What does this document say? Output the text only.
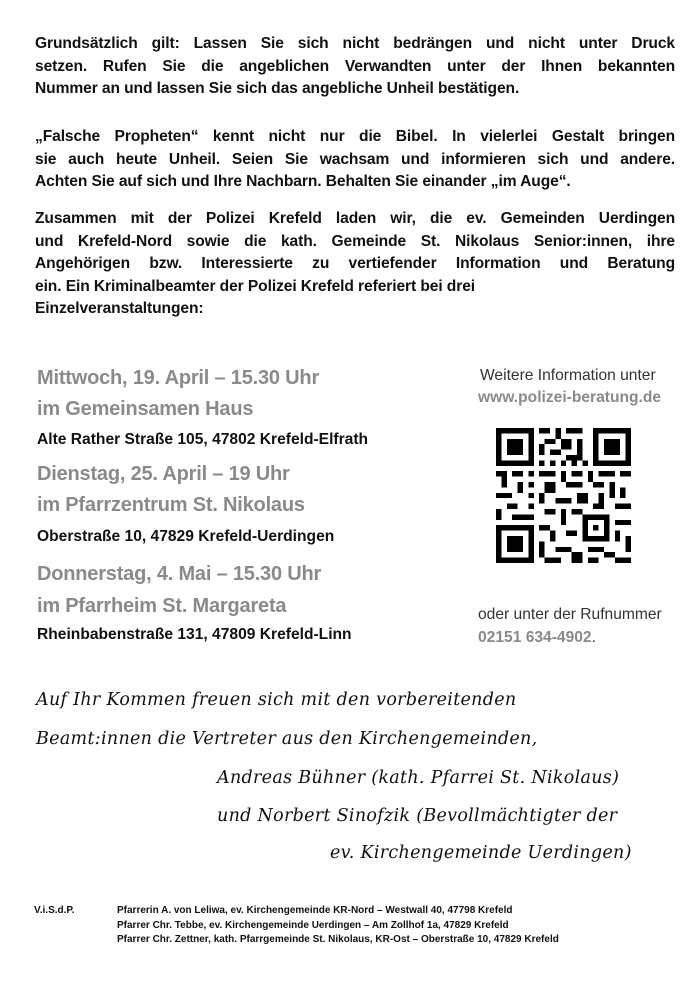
Grundsätzlich gilt: Lassen Sie sich nicht bedrängen und nicht unter Druck
setzen. Rufen Sie die angeblichen Verwandten unter der Ihnen bekannten
Nummer an und lassen Sie sich das angebliche Unheil bestätigen.
„Falsche Propheten“ kennt nicht nur die Bibel. In vielerlei Gestalt bringen
sie auch heute Unheil. Seien Sie wachsam und informieren sich und andere.
Achten Sie auf sich und Ihre Nachbarn. Behalten Sie einander „im Auge“.
Zusammen mit der Polizei Krefeld laden wir, die ev. Gemeinden Uerdingen
und Krefeld-Nord sowie die kath. Gemeinde St. Nikolaus Senior:innen, ihre
Angehörigen bzw. Interessierte zu vertiefender Information und Beratung
ein. Ein Kriminalbeamter der Polizei Krefeld referiert bei drei
Einzelveranstaltungen:
Mittwoch, 19. April – 15.30 Uhr
im Gemeinsamen Haus
Alte Rather Straße 105, 47802 Krefeld-Elfrath
Dienstag, 25. April – 19 Uhr
im Pfarrzentrum St. Nikolaus
Oberstraße 10, 47829 Krefeld-Uerdingen
Donnerstag, 4. Mai – 15.30 Uhr
im Pfarrheim St. Margareta
Rheinbabenstraße 131, 47809 Krefeld-Linn
Weitere Information unter
www.polizei-beratung.de
oder unter der Rufnummer
02151 634-4902.
Auf Ihr Kommen freuen sich mit den vorbereitenden
Beamt:innen die Vertreter aus den Kirchengemeinden,
Andreas Bühner (kath. Pfarrei St. Nikolaus)
und Norbert Sinofzik (Bevollmächtigter der
ev. Kirchengemeinde Uerdingen)
V.i.S.d.P.	Pfarrerin A. von Leliwa, ev. Kirchengemeinde KR-Nord – Westwall 40, 47798 Krefeld
Pfarrer Chr. Tebbe, ev. Kirchengemeinde Uerdingen – Am Zollhof 1a, 47829 Krefeld
Pfarrer Chr. Zettner, kath. Pfarrgemeinde St. Nikolaus, KR-Ost – Oberstraße 10, 47829 Krefeld
